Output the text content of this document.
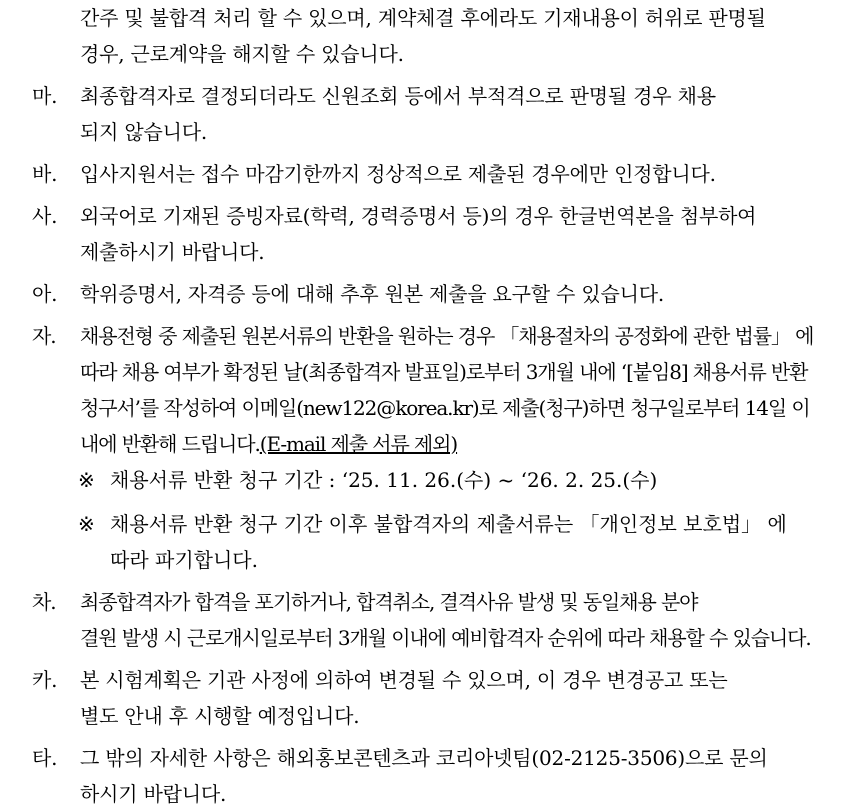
간주 및 불합격 처리 할 수 있으며, 계약체결 후에라도 기재내용이 허위로 판명될
경우, 근로계약을 해지할 수 있습니다.
마. 최종합격자로 결정되더라도 신원조회 등에서 부적격으로 판명될 경우 채용
되지 않습니다.
바. 입사지원서는 접수 마감기한까지 정상적으로 제출된 경우에만 인정합니다.
사. 외국어로 기재된 증빙자료(학력, 경력증명서 등)의 경우 한글번역본을 첨부하여
제출하시기 바랍니다.
아. 학위증명서, 자격증 등에 대해 추후 원본 제출을 요구할 수 있습니다.
자. 채용전형 중 제출된 원본서류의 반환을 원하는 경우 「채용절차의 공정화에 관한 법률」 에
따라 채용 여부가 확정된 날(최종합격자 발표일)로부터 3개월 내에 ‘[붙임8] 채용서류 반환
청구서’를 작성하여 이메일(new122@korea.kr)로 제출(청구)하면 청구일로부터 14일 이
내에 반환해 드립니다.(E-mail 제출 서류 제외)
※ 채용서류 반환 청구 기간 : ‘25. 11. 26.(수) ~ ‘26. 2. 25.(수)
※ 채용서류 반환 청구 기간 이후 불합격자의 제출서류는 「개인정보 보호법」 에
따라 파기합니다.
차. 최종합격자가 합격을 포기하거나, 합격취소, 결격사유 발생 및 동일채용 분야
결원 발생 시 근로개시일로부터 3개월 이내에 예비합격자 순위에 따라 채용할 수 있습니다.
카. 본 시험계획은 기관 사정에 의하여 변경될 수 있으며, 이 경우 변경공고 또는
별도 안내 후 시행할 예정입니다.
타. 그 밖의 자세한 사항은 해외홍보콘텐츠과 코리아넷팀(02-2125-3506)으로 문의
하시기 바랍니다.
